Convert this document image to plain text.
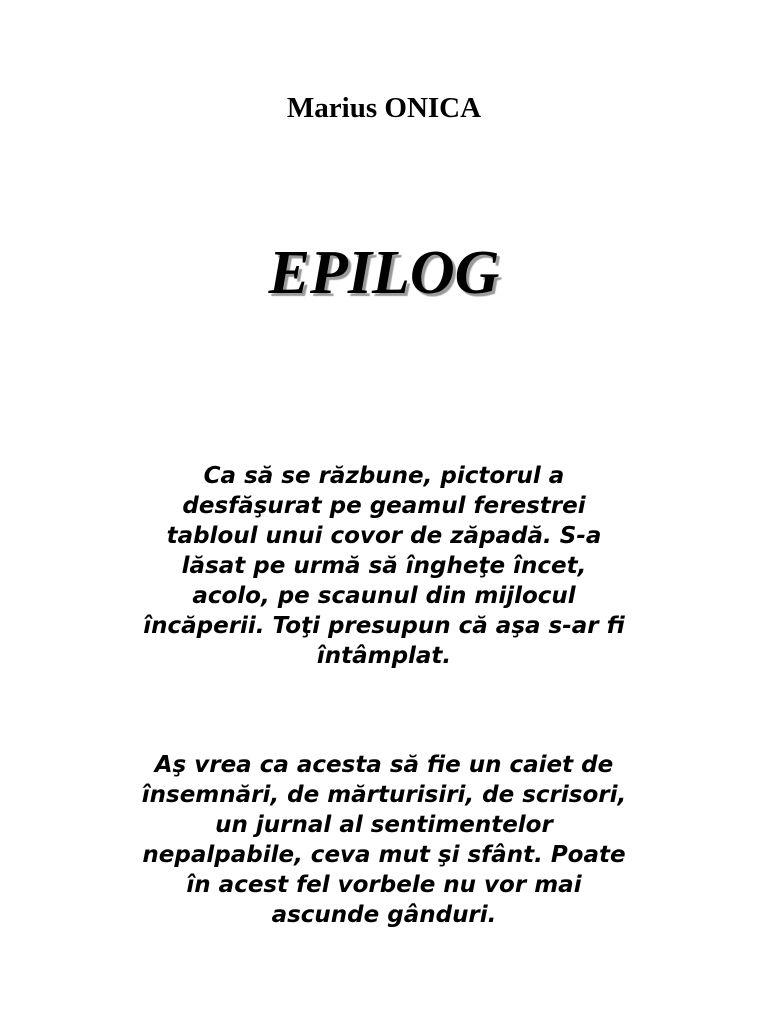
Marius ONICA
EPILOG
Ca să se răzbune, pictorul a
desfăşurat pe geamul ferestrei
tabloul unui covor de zăpadă. S-a
lăsat pe urmă să îngheţe încet,
acolo, pe scaunul din mijlocul
încăperii. Toţi presupun că aşa s-ar fi
întâmplat.
Aş vrea ca acesta să fie un caiet de
însemnări, de mărturisiri, de scrisori,
un jurnal al sentimentelor
nepalpabile, ceva mut şi sfânt. Poate
în acest fel vorbele nu vor mai
ascunde gânduri.
